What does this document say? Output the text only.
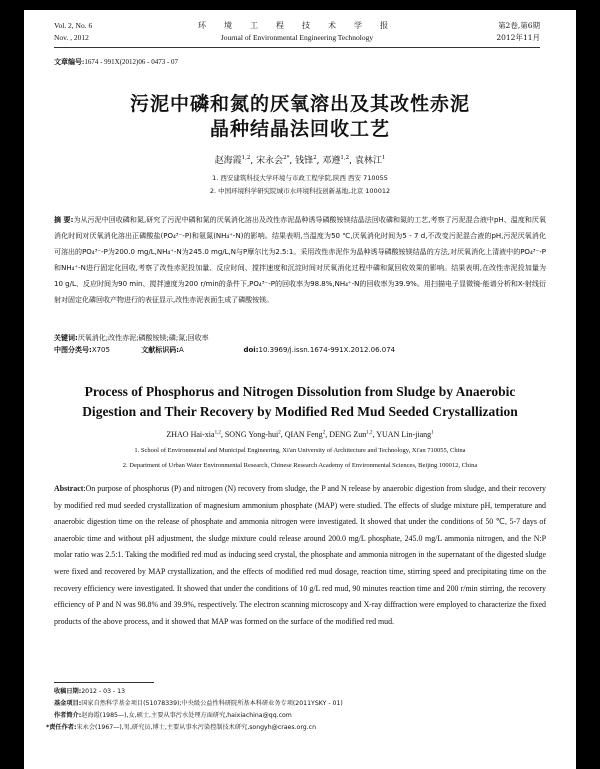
Vol. 2, No. 6
Nov. , 2012
环 境 工 程 技 术 学 报
Journal of Environmental Engineering Technology
第2卷,第6期
2012年11月
文章编号:1674 - 991X(2012)06 - 0473 - 07
污泥中磷和氮的厌氧溶出及其改性赤泥
晶种结晶法回收工艺
赵海霞$^{1,2}$, 宋永会$^{2*}$, 钱锋$^2$, 邓遵$^{1,2}$, 袁林江$^1$
1. 西安建筑科技大学环境与市政工程学院,陕西 西安 710055
2. 中国环境科学研究院城市水环境科技创新基地,北京 100012
摘 要:为从污泥中回收磷和氮,研究了污泥中磷和氮的厌氧消化溶出及改性赤泥晶种诱导磷酸铵镁结晶法回收磷和氮的工艺,考察了污泥混合液中pH、温度和厌氧消化时间对厌氧消化溶出正磷酸盐(PO₄³⁻-P)和氨氮(NH₄⁺-N)的影响。结果表明,当温度为50 ℃,厌氧消化时间为5 - 7 d,不改变污泥混合液的pH,污泥厌氧消化可溶出的PO₄³⁻-P为200.0 mg/L,NH₄⁺-N为245.0 mg/L,N与P摩尔比为2.5:1。采用改性赤泥作为晶种诱导磷酸铵镁结晶的方法,对厌氧消化上清液中的PO₄³⁻-P和NH₄⁺-N进行固定化回收,考察了改性赤泥投加量、反应时间、搅拌速度和沉淀时间对厌氧消化过程中磷和氮回收效果的影响。结果表明,在改性赤泥投加量为10 g/L、反应时间为90 min、搅拌速度为200 r/min的条件下,PO₄³⁻-P的回收率为98.8%,NH₄⁺-N的回收率为39.9%。用扫描电子显微镜-能谱分析和X-射线衍射对固定化磷回收产物进行的表征显示,改性赤泥表面生成了磷酸铵镁。
关键词:厌氧消化;改性赤泥;磷酸铵镁;磷;氮;回收率
中图分类号:X705	文献标识码:A	doi:10.3969/j.issn.1674-991X.2012.06.074
Process of Phosphorus and Nitrogen Dissolution from Sludge by Anaerobic
Digestion and Their Recovery by Modified Red Mud Seeded Crystallization
ZHAO Hai-xia$^{1,2}$, SONG Yong-hui$^2$, QIAN Feng$^2$, DENG Zun$^{1,2}$, YUAN Lin-jiang$^1$
1. School of Environmental and Municipal Engineering, Xi'an University of Architecture and Technology, Xi'an 710055, China
2. Department of Urban Water Environmental Research, Chinese Research Academy of Environmental Sciences, Beijing 100012, China
Abstract:On purpose of phosphorus (P) and nitrogen (N) recovery from sludge, the P and N release by anaerobic digestion from sludge, and their recovery by modified red mud seeded crystallization of magnesium ammonium phosphate (MAP) were studied. The effects of sludge mixture pH, temperature and anaerobic digestion time on the release of phosphate and ammonia nitrogen were investigated. It showed that under the conditions of 50 ℃, 5-7 days of anaerobic time and without pH adjustment, the sludge mixture could release around 200.0 mg/L phosphate, 245.0 mg/L ammonia nitrogen, and the N:P molar ratio was 2.5:1. Taking the modified red mud as inducing seed crystal, the phosphate and ammonia nitrogen in the supernatant of the digested sludge were fixed and recovered by MAP crystallization, and the effects of modified red mud dosage, reaction time, stirring speed and precipitating time on the recovery efficiency were investigated. It showed that under the conditions of 10 g/L red mud, 90 minutes reaction time and 200 r/min stirring, the recovery efficiency of P and N was 98.8% and 39.9%, respectively. The electron scanning microscopy and X-ray diffraction were employed to characterize the fixed products of the above process, and it showed that MAP was formed on the surface of the modified red mud.
收稿日期:2012 - 03 - 13
基金项目:国家自然科学基金项目(51078339);中央级公益性科研院所基本科研业务专项(2011YSKY - 01)
作者简介:赵海霞(1985—),女,硕士,主要从事污水处理方面研究,haixiachina@qq.com
*责任作者:宋永会(1967—),男,研究员,博士,主要从事水污染控制技术研究,songyh@craes.org.cn
